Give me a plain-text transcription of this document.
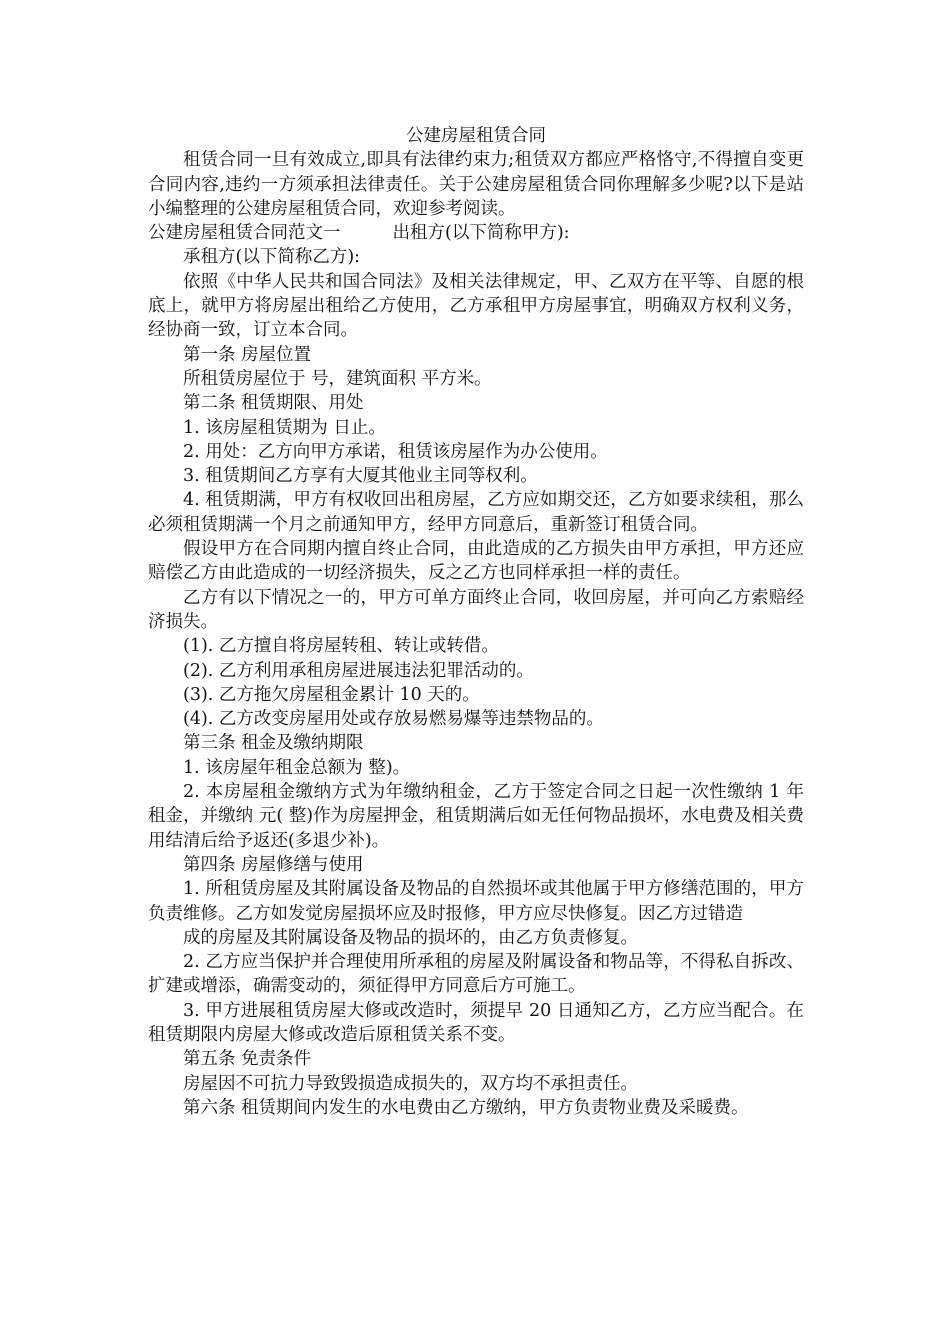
公建房屋租赁合同

租赁合同一旦有效成立,即具有法律约束力;租赁双方都应严格恪守,不得擅自变更合同内容,违约一方须承担法律责任。关于公建房屋租赁合同你理解多少呢?以下是站小编整理的公建房屋租赁合同，欢迎参考阅读。

公建房屋租赁合同范文一	出租方(以下简称甲方):

承租方(以下简称乙方):

依照《中华人民共和国合同法》及相关法律规定，甲、乙双方在平等、自愿的根底上，就甲方将房屋出租给乙方使用，乙方承租甲方房屋事宜，明确双方权利义务，经协商一致，订立本合同。

第一条 房屋位置

所租赁房屋位于 号，建筑面积 平方米。

第二条 租赁期限、用处

1. 该房屋租赁期为 日止。

2. 用处：乙方向甲方承诺，租赁该房屋作为办公使用。

3. 租赁期间乙方享有大厦其他业主同等权利。

4. 租赁期满，甲方有权收回出租房屋，乙方应如期交还，乙方如要求续租，那么必须租赁期满一个月之前通知甲方，经甲方同意后，重新签订租赁合同。

假设甲方在合同期内擅自终止合同，由此造成的乙方损失由甲方承担，甲方还应赔偿乙方由此造成的一切经济损失，反之乙方也同样承担一样的责任。

乙方有以下情况之一的，甲方可单方面终止合同，收回房屋，并可向乙方索赔经济损失。

(1). 乙方擅自将房屋转租、转让或转借。

(2). 乙方利用承租房屋进展违法犯罪活动的。

(3). 乙方拖欠房屋租金累计 10 天的。

(4). 乙方改变房屋用处或存放易燃易爆等违禁物品的。

第三条 租金及缴纳期限

1. 该房屋年租金总额为 整)。

2. 本房屋租金缴纳方式为年缴纳租金，乙方于签定合同之日起一次性缴纳 1 年租金，并缴纳 元( 整)作为房屋押金，租赁期满后如无任何物品损坏，水电费及相关费用结清后给予返还(多退少补)。

第四条 房屋修缮与使用

1. 所租赁房屋及其附属设备及物品的自然损坏或其他属于甲方修缮范围的，甲方负责维修。乙方如发觉房屋损坏应及时报修，甲方应尽快修复。因乙方过错造

成的房屋及其附属设备及物品的损坏的，由乙方负责修复。

2. 乙方应当保护并合理使用所承租的房屋及附属设备和物品等，不得私自拆改、扩建或增添，确需变动的，须征得甲方同意后方可施工。

3. 甲方进展租赁房屋大修或改造时，须提早 20 日通知乙方，乙方应当配合。在租赁期限内房屋大修或改造后原租赁关系不变。

第五条 免责条件

房屋因不可抗力导致毁损造成损失的，双方均不承担责任。

第六条 租赁期间内发生的水电费由乙方缴纳，甲方负责物业费及采暖费。
